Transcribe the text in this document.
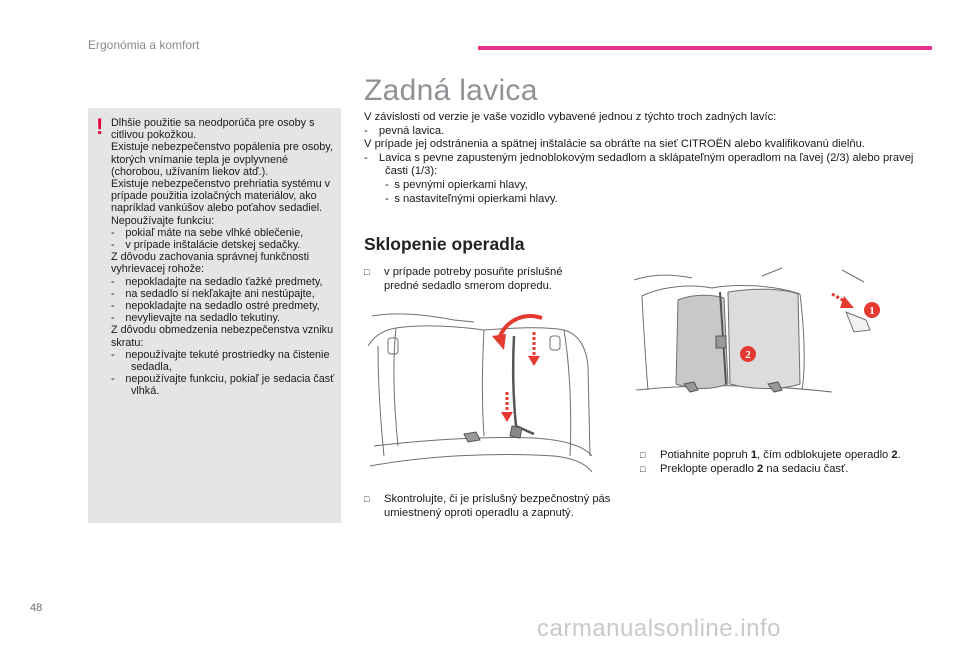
Ergonómia a komfort
Zadná lavica

V závislosti od verzie je vaše vozidlo vybavené jednou z týchto troch zadných lavíc:

- pevná lavica.

V prípade jej odstránenia a spätnej inštalácie sa obráťte na sieť CITROËN alebo kvalifikovanú dielňu.

- Lavica s pevne zapusteným jednoblokovým sedadlom a sklápateľným operadlom na ľavej (2/3) alebo pravej časti (1/3):

- s pevnými opierkami hlavy,

- s nastaviteľnými opierkami hlavy.

Sklopenie operadla
! Dlhšie použitie sa neodporúča pre osoby s citlivou pokožkou.

Existuje nebezpečenstvo popálenia pre osoby, ktorých vnímanie tepla je ovplyvnené (chorobou, užívaním liekov atď.).

Existuje nebezpečenstvo prehriatia systému v prípade použitia izolačných materiálov, ako napríklad vankúšov alebo poťahov sedadiel.

Nepoužívajte funkciu:

- pokiaľ máte na sebe vlhké oblečenie,

- v prípade inštalácie detskej sedačky.

Z dôvodu zachovania správnej funkčnosti vyhrievacej rohože:

- nepokladajte na sedadlo ťažké predmety,

- na sedadlo si nekľakajte ani nestúpajte,

- nepokladajte na sedadlo ostré predmety,

- nevylievajte na sedadlo tekutiny.

Z dôvodu obmedzenia nebezpečenstva vzniku skratu:

- nepoužívajte tekuté prostriedky na čistenie sedadla,

- nepoužívajte funkciu, pokiaľ je sedacia časť vlhká.

□	v prípade potreby posuňte príslušné predné sedadlo smerom dopredu.
□	Skontrolujte, či je príslušný bezpečnostný pás umiestnený oproti operadlu a zapnutý.
□	Potiahnite popruh 1, čím odblokujete operadlo 2.
□	Preklopte operadlo 2 na sedaciu časť.
1
2
48
carmanualsonline.info
